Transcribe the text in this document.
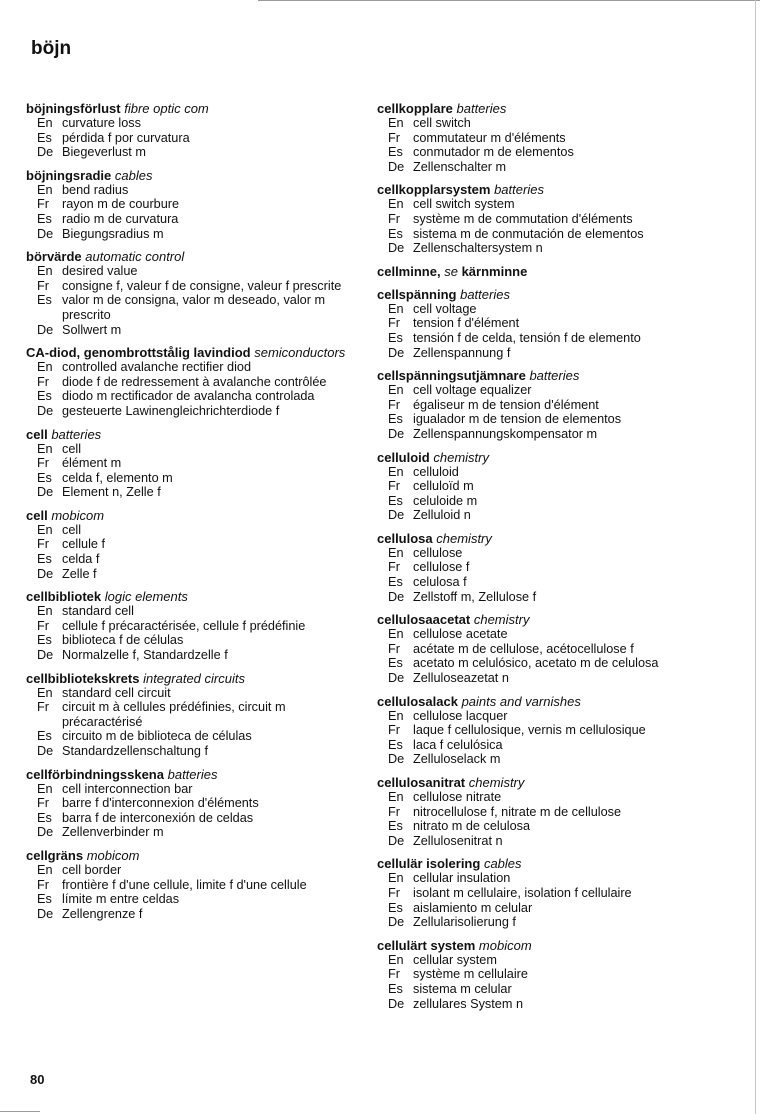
böjn
böjningsförlust fibre optic com
En curvature loss
Es pérdida f por curvatura
De Biegeverlust m
böjningsradie cables
En bend radius
Fr rayon m de courbure
Es radio m de curvatura
De Biegungsradius m
börvärde automatic control
En desired value
Fr consigne f, valeur f de consigne, valeur f prescrite
Es valor m de consigna, valor m deseado, valor m prescrito
De Sollwert m
CA-diod, genombrottstålig lavindiod semiconductors
En controlled avalanche rectifier diod
Fr diode f de redressement à avalanche contrôlée
Es diodo m rectificador de avalancha controlada
De gesteuerte Lawinengleichrichterdiode f
cell batteries
En cell
Fr élément m
Es celda f, elemento m
De Element n, Zelle f
cell mobicom
En cell
Fr cellule f
Es celda f
De Zelle f
cellbibliotek logic elements
En standard cell
Fr cellule f précaractérisée, cellule f prédéfinie
Es biblioteca f de células
De Normalzelle f, Standardzelle f
cellbibliotekskrets integrated circuits
En standard cell circuit
Fr circuit m à cellules prédéfinies, circuit m précaractérisé
Es circuito m de biblioteca de células
De Standardzellenschaltung f
cellförbindningsskena batteries
En cell interconnection bar
Fr barre f d'interconnexion d'éléments
Es barra f de interconexión de celdas
De Zellenverbinder m
cellgräns mobicom
En cell border
Fr frontière f d'une cellule, limite f d'une cellule
Es límite m entre celdas
De Zellengrenze f
cellkopplare batteries
En cell switch
Fr commutateur m d'éléments
Es conmutador m de elementos
De Zellenschalter m
cellkopplarsystem batteries
En cell switch system
Fr système m de commutation d'éléments
Es sistema m de conmutación de elementos
De Zellenschaltersystem n
cellminne, se kärnminne
cellspänning batteries
En cell voltage
Fr tension f d'élément
Es tensión f de celda, tensión f de elemento
De Zellenspannung f
cellspänningsutjämnare batteries
En cell voltage equalizer
Fr égaliseur m de tension d'élément
Es igualador m de tension de elementos
De Zellenspannungskompensator m
celluloid chemistry
En celluloid
Fr celluloïd m
Es celuloide m
De Zelluloid n
cellulosa chemistry
En cellulose
Fr cellulose f
Es celulosa f
De Zellstoff m, Zellulose f
cellulosaacetat chemistry
En cellulose acetate
Fr acétate m de cellulose, acétocellulose f
Es acetato m celulósico, acetato m de celulosa
De Zelluloseazetat n
cellulosalack paints and varnishes
En cellulose lacquer
Fr laque f cellulosique, vernis m cellulosique
Es laca f celulósica
De Zelluloselack m
cellulosanitrat chemistry
En cellulose nitrate
Fr nitrocellulose f, nitrate m de cellulose
Es nitrato m de celulosa
De Zellulosenitrat n
cellulär isolering cables
En cellular insulation
Fr isolant m cellulaire, isolation f cellulaire
Es aislamiento m celular
De Zellularisolierung f
cellulärt system mobicom
En cellular system
Fr système m cellulaire
Es sistema m celular
De zellulares System n
80
